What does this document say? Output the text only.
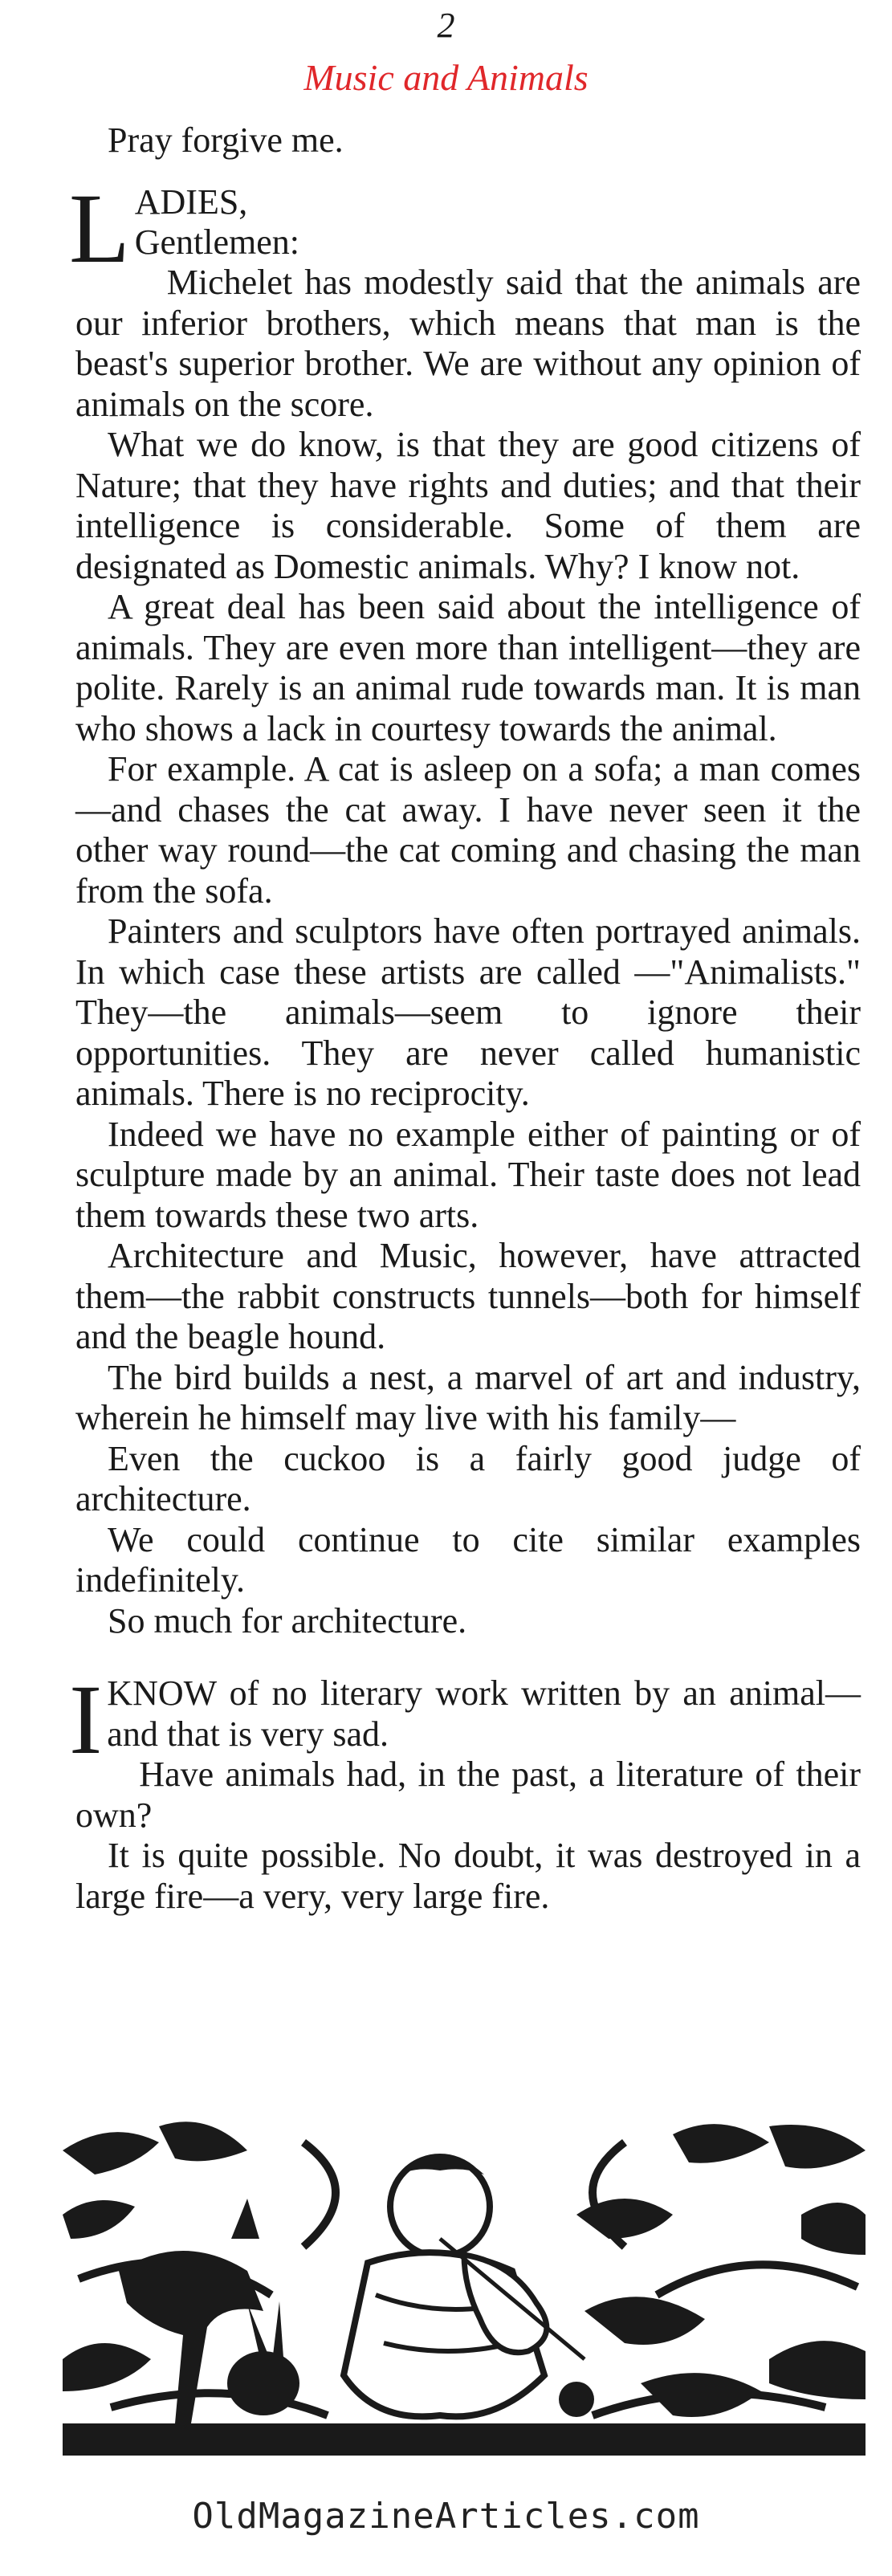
2
Music and Animals
Pray forgive me.
L ADIES,
Gentlemen:

Michelet has modestly said that the animals are our inferior brothers, which means that man is the beast's superior brother. We are without any opinion of animals on the score.

What we do know, is that they are good citizens of Nature; that they have rights and duties; and that their intelligence is considerable. Some of them are designated as Domestic animals. Why? I know not.

A great deal has been said about the intelligence of animals. They are even more than intelligent—they are polite. Rarely is an animal rude towards man. It is man who shows a lack in courtesy towards the animal.

For example. A cat is asleep on a sofa; a man comes—and chases the cat away. I have never seen it the other way round—the cat coming and chasing the man from the sofa.

Painters and sculptors have often portrayed animals. In which case these artists are called —"Animalists." They—the animals—seem to ignore their opportunities. They are never called humanistic animals. There is no reciprocity.

Indeed we have no example either of painting or of sculpture made by an animal. Their taste does not lead them towards these two arts.

Architecture and Music, however, have attracted them—the rabbit constructs tunnels—both for himself and the beagle hound.

The bird builds a nest, a marvel of art and industry, wherein he himself may live with his family—

Even the cuckoo is a fairly good judge of architecture.

We could continue to cite similar examples indefinitely.

So much for architecture.

I KNOW of no literary work written by an animal—and that is very sad.

Have animals had, in the past, a literature of their own?

It is quite possible. No doubt, it was destroyed in a large fire—a very, very large fire.

OldMagazineArticles.com
